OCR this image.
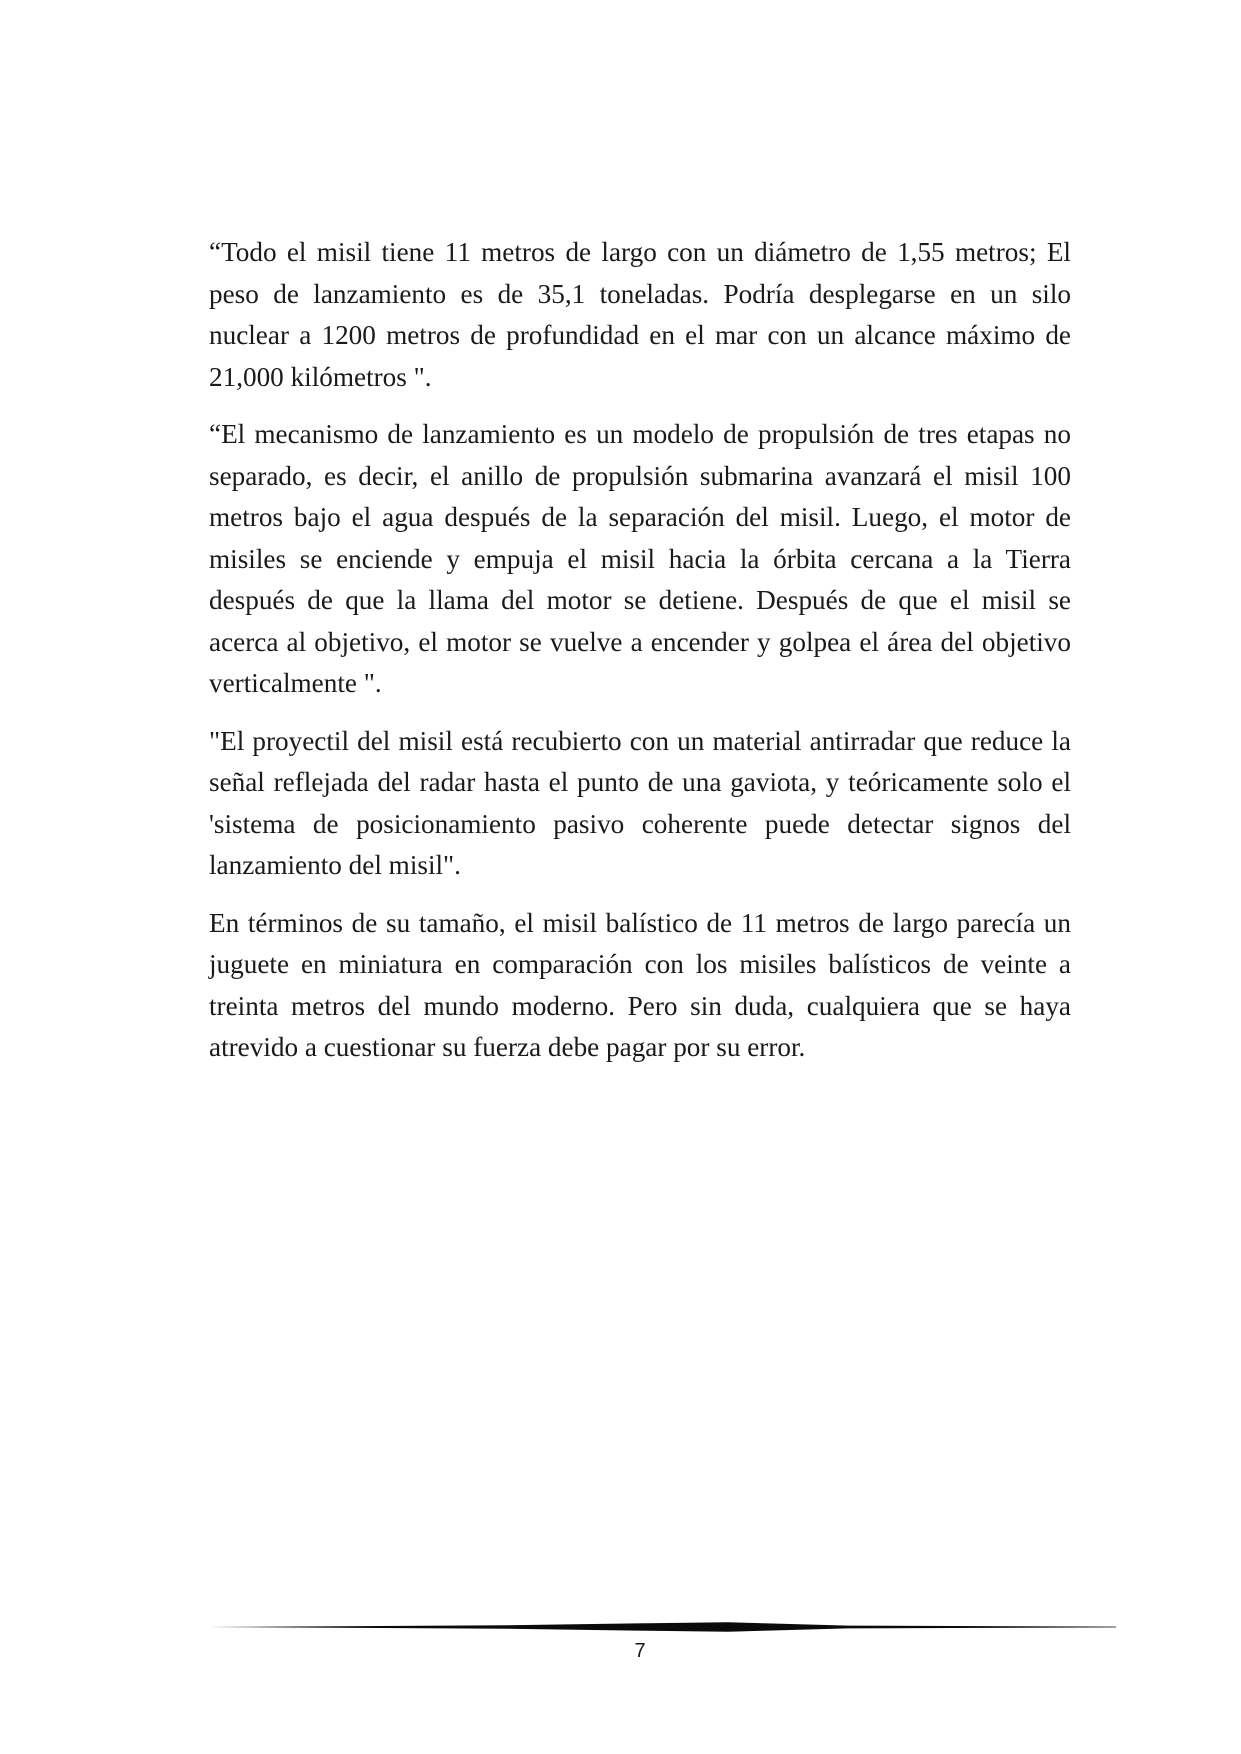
“Todo el misil tiene 11 metros de largo con un diámetro de 1,55 metros; El peso de lanzamiento es de 35,1 toneladas. Podría desplegarse en un silo nuclear a 1200 metros de profundidad en el mar con un alcance máximo de 21,000 kilómetros ".

“El mecanismo de lanzamiento es un modelo de propulsión de tres etapas no separado, es decir, el anillo de propulsión submarina avanzará el misil 100 metros bajo el agua después de la separación del misil. Luego, el motor de misiles se enciende y empuja el misil hacia la órbita cercana a la Tierra después de que la llama del motor se detiene. Después de que el misil se acerca al objetivo, el motor se vuelve a encender y golpea el área del objetivo verticalmente ".

"El proyectil del misil está recubierto con un material antirradar que reduce la señal reflejada del radar hasta el punto de una gaviota, y teóricamente solo el 'sistema de posicionamiento pasivo coherente puede detectar signos del lanzamiento del misil".

En términos de su tamaño, el misil balístico de 11 metros de largo parecía un juguete en miniatura en comparación con los misiles balísticos de veinte a treinta metros del mundo moderno. Pero sin duda, cualquiera que se haya atrevido a cuestionar su fuerza debe pagar por su error.

7
